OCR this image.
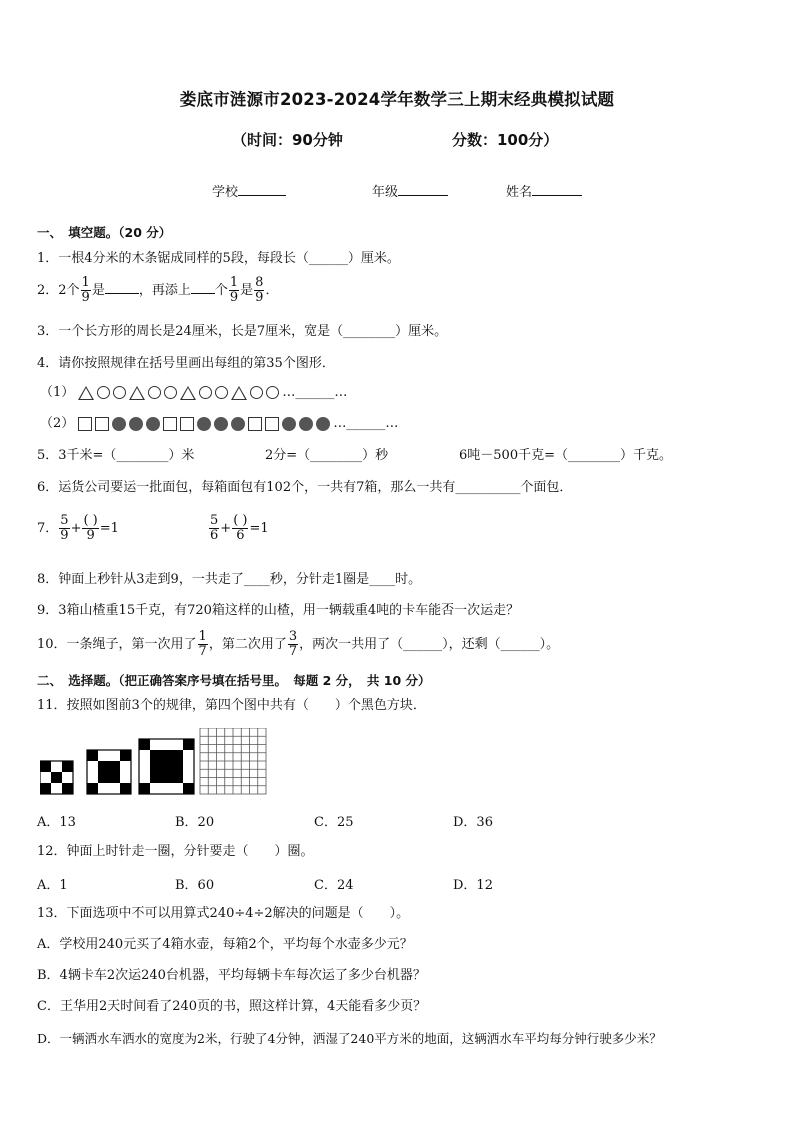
娄底市涟源市2023-2024学年数学三上期末经典模拟试题
（时间：90分钟	分数：100分）
学校	年级	姓名
一、　填空题。（20 分）
1．一根4分米的木条锯成同样的5段，每段长（______）厘米。
2．2个 $\frac{1}{9}$ 是	，再添上 个 $\frac{1}{9}$ 是 $\frac{8}{9}$ ．
3．一个长方形的周长是24厘米，长是7厘米，宽是（________）厘米。
4．请你按照规律在括号里画出每组的第35个图形．
（1）	…______…
（2）	…______…
5．3千米=（________）米	2分=（________）秒	6吨－500千克=（________）千克。
6．运货公司要运一批面包，每箱面包有102个，一共有7箱，那么一共有__________个面包．
7． $\frac{5}{9} + \frac{( )}{9} =1$	$\frac{5}{6} + \frac{( )}{6} =1$
8．钟面上秒针从3走到9，一共走了____秒，分针走1圈是____时。
9．3箱山楂重15千克，有720箱这样的山楂，用一辆载重4吨的卡车能否一次运走？
10．一条绳子，第一次用了 $\frac{1}{7}$ ，第二次用了 $\frac{3}{7}$ ，两次一共用了（______），还剩（______）。
二、　选择题。（把正确答案序号填在括号里。　每题 2 分，　共 10 分）
11．按照如图前3个的规律，第四个图中共有（　　）个黑色方块．
A．13	B．20	C．25	D．36
12．钟面上时针走一圈，分针要走（　　）圈。
A．1	B．60	C．24	D．12
13．下面选项中不可以用算式240÷4÷2解决的问题是（　　）。
A．学校用240元买了4箱水壶，每箱2个，平均每个水壶多少元？
B．4辆卡车2次运240台机器，平均每辆卡车每次运了多少台机器？
C．王华用2天时间看了240页的书，照这样计算，4天能看多少页？
D．一辆洒水车洒水的宽度为2米，行驶了4分钟，洒湿了240平方米的地面，这辆洒水车平均每分钟行驶多少米？
